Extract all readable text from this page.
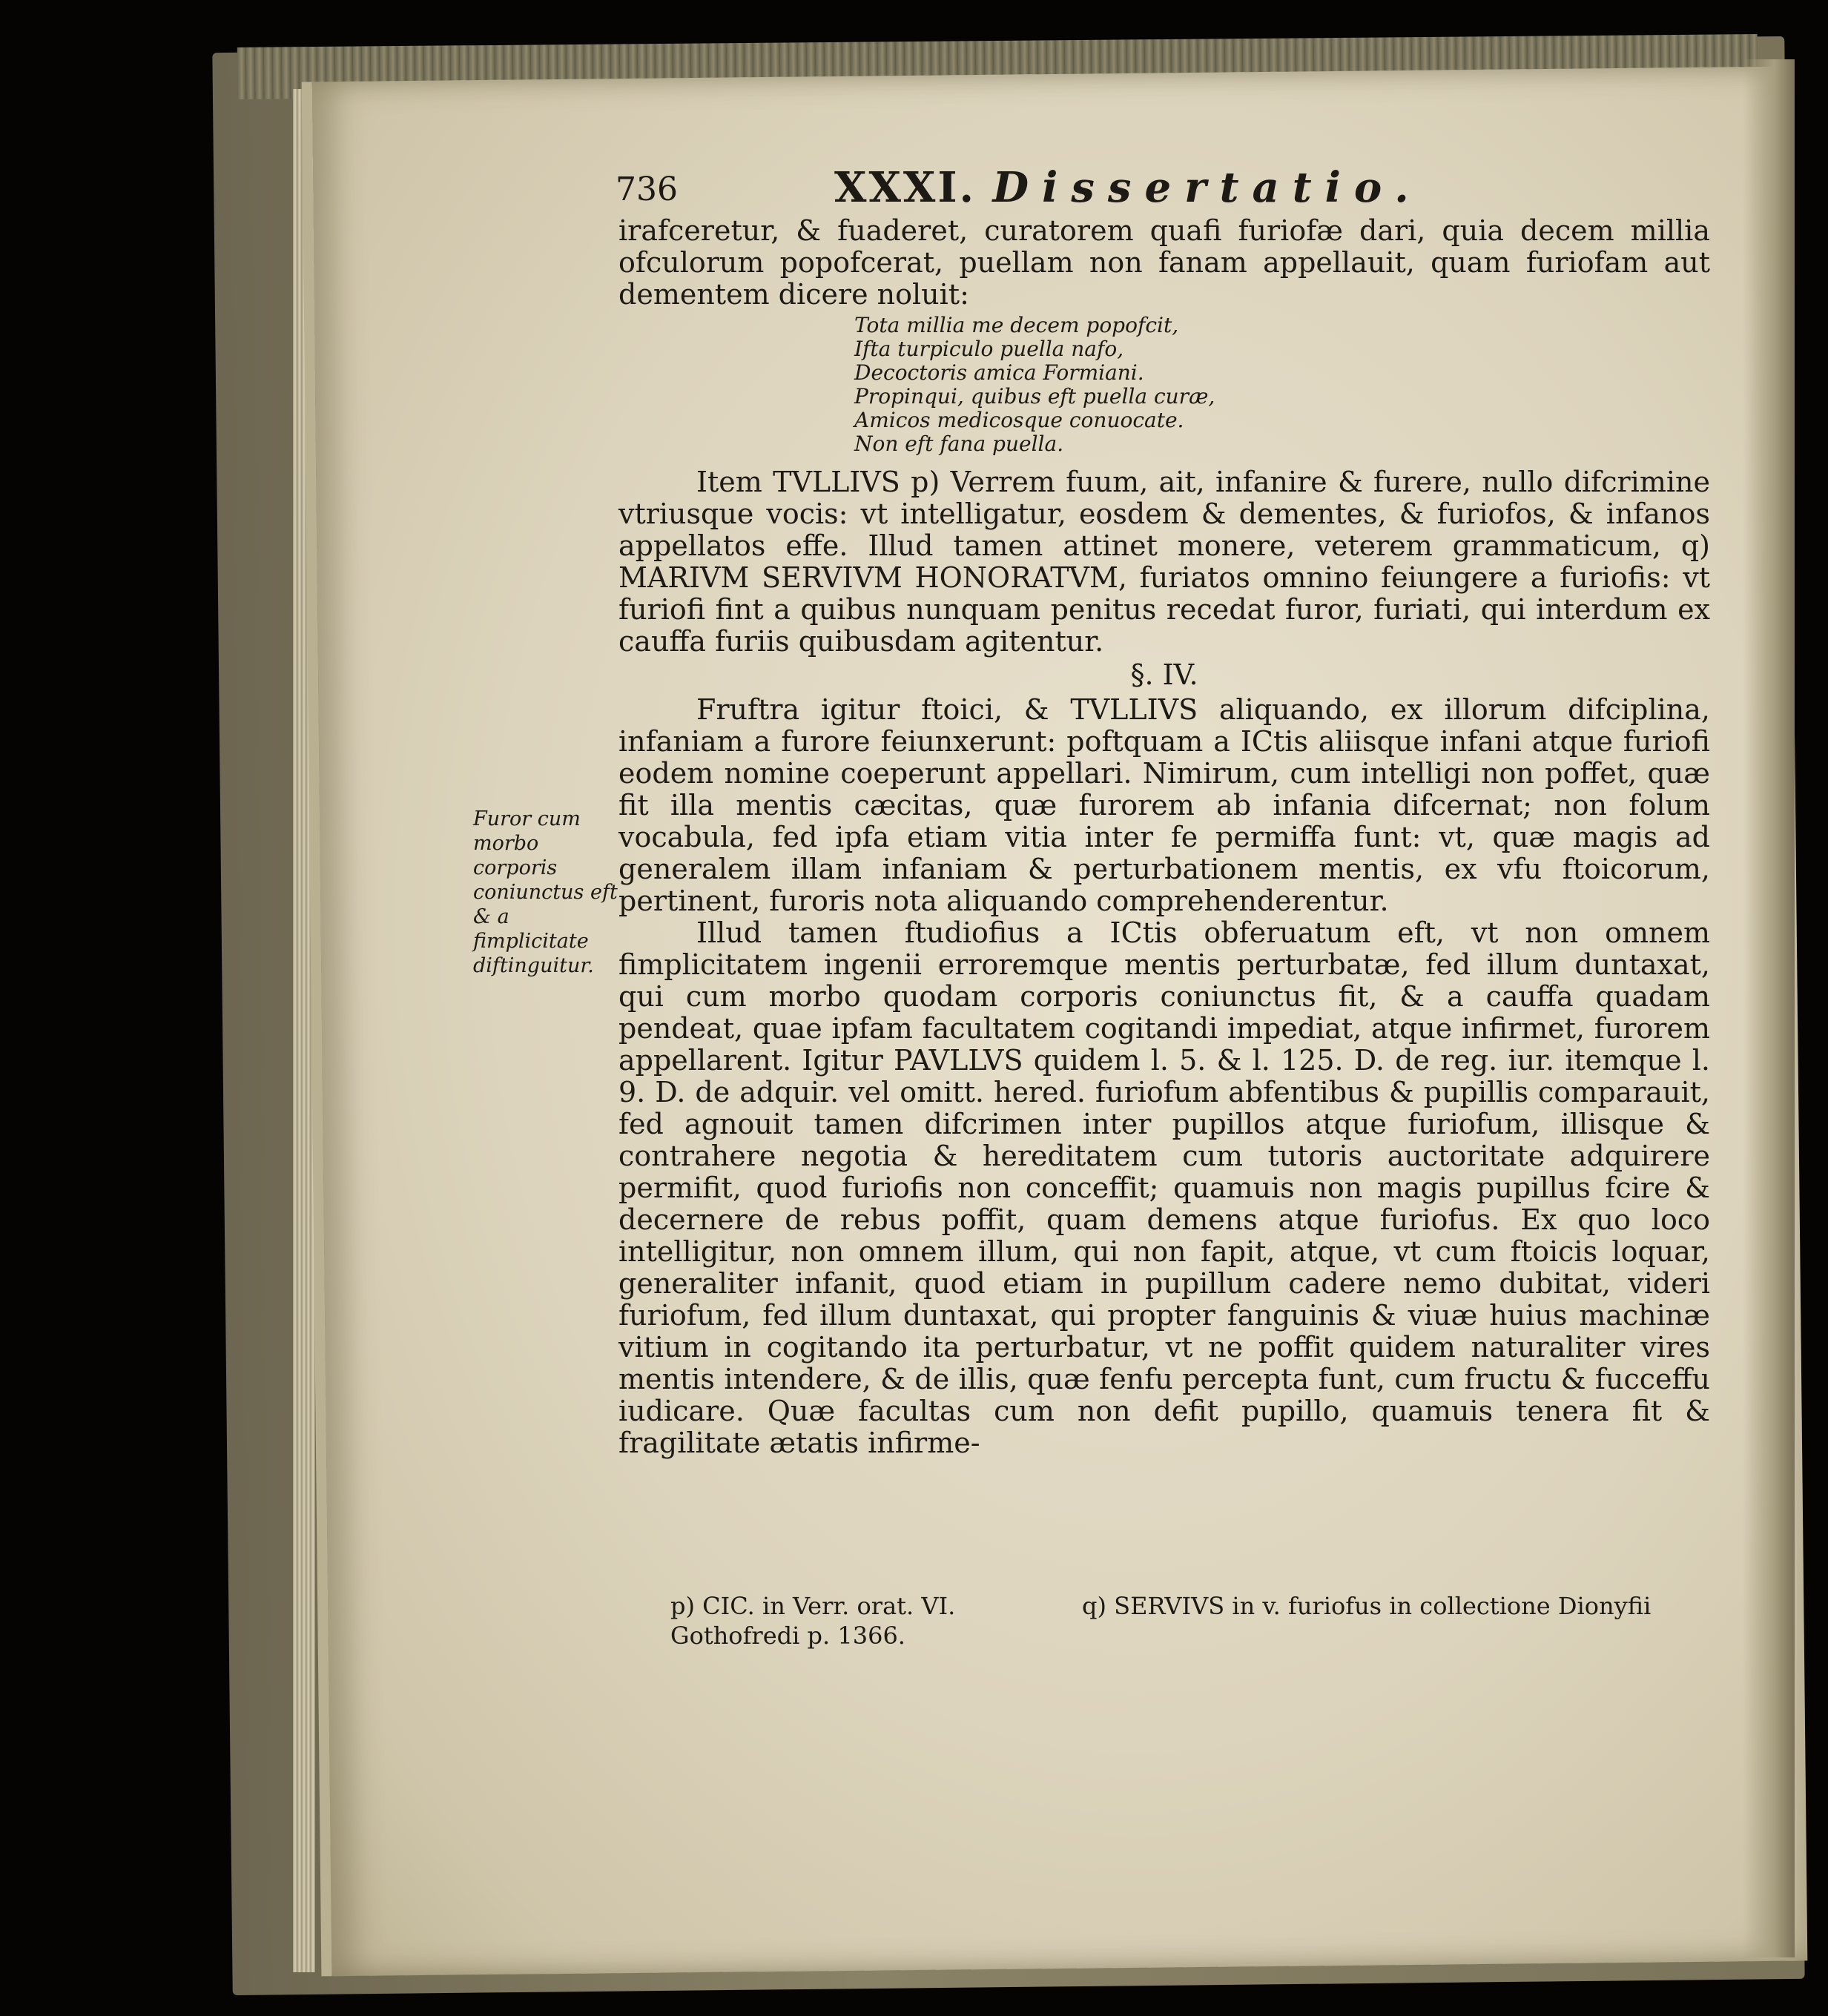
736	XXXI. Dissertatio.

irafceretur, & fuaderet, curatorem quafi furiofæ dari, quia decem millia ofculorum popofcerat, puellam non fanam appellauit, quam furiofam aut dementem dicere noluit:

Tota millia me decem popofcit,
Ifta turpiculo puella nafo,
Decoctoris amica Formiani.
Propinqui, quibus eft puella curæ,
Amicos medicosque conuocate.
Non eft fana puella.

Item TVLLIVS p) Verrem fuum, ait, infanire & furere, nullo difcrimine vtriusque vocis: vt intelligatur, eosdem & dementes, & furiofos, & infanos appellatos effe. Illud tamen attinet monere, veterem grammaticum, q) MARIVM SERVIVM HONORATVM, furiatos omnino feiungere a furiofis: vt furiofi fint a quibus nunquam penitus recedat furor, furiati, qui interdum ex cauffa furiis quibusdam agitentur.

§. IV.

Fruftra igitur ftoici, & TVLLIVS aliquando, ex illorum difciplina, infaniam a furore feiunxerunt: poftquam a ICtis aliisque infani atque furiofi eodem nomine coeperunt appellari. Nimirum, cum intelligi non poffet, quæ fit illa mentis cæcitas, quæ furorem ab infania difcernat; non folum vocabula, fed ipfa etiam vitia inter fe permiffa funt: vt, quæ magis ad generalem illam infaniam & perturbationem mentis, ex vfu ftoicorum, pertinent, furoris nota aliquando comprehenderentur.

Illud tamen ftudiofius a ICtis obferuatum eft, vt non omnem fimplicitatem ingenii erroremque mentis perturbatæ, fed illum duntaxat, qui cum morbo quodam corporis coniunctus fit, & a cauffa quadam pendeat, quae ipfam facultatem cogitandi impediat, atque infirmet, furorem appellarent. Igitur PAVLLVS quidem l. 5. & l. 125. D. de reg. iur. itemque l. 9. D. de adquir. vel omitt. hered. furiofum abfentibus & pupillis comparauit, fed agnouit tamen difcrimen inter pupillos atque furiofum, illisque & contrahere negotia & hereditatem cum tutoris auctoritate adquirere permifit, quod furiofis non conceffit; quamuis non magis pupillus fcire & decernere de rebus poffit, quam demens atque furiofus. Ex quo loco intelligitur, non omnem illum, qui non fapit, atque, vt cum ftoicis loquar, generaliter infanit, quod etiam in pupillum cadere nemo dubitat, videri furiofum, fed illum duntaxat, qui propter fanguinis & viuæ huius machinæ vitium in cogitando ita perturbatur, vt ne poffit quidem naturaliter vires mentis intendere, & de illis, quæ fenfu percepta funt, cum fructu & fucceffu iudicare. Quæ facultas cum non defit pupillo, quamuis tenera fit & fragilitate ætatis infirme-

Furor cum morbo corporis coniunctus eft & a fimplicitate diftinguitur.
p) CIC. in Verr. orat. VI.
Gothofredi p. 1366.
q) SERVIVS in v. furiofus in collectione Dionyfii
